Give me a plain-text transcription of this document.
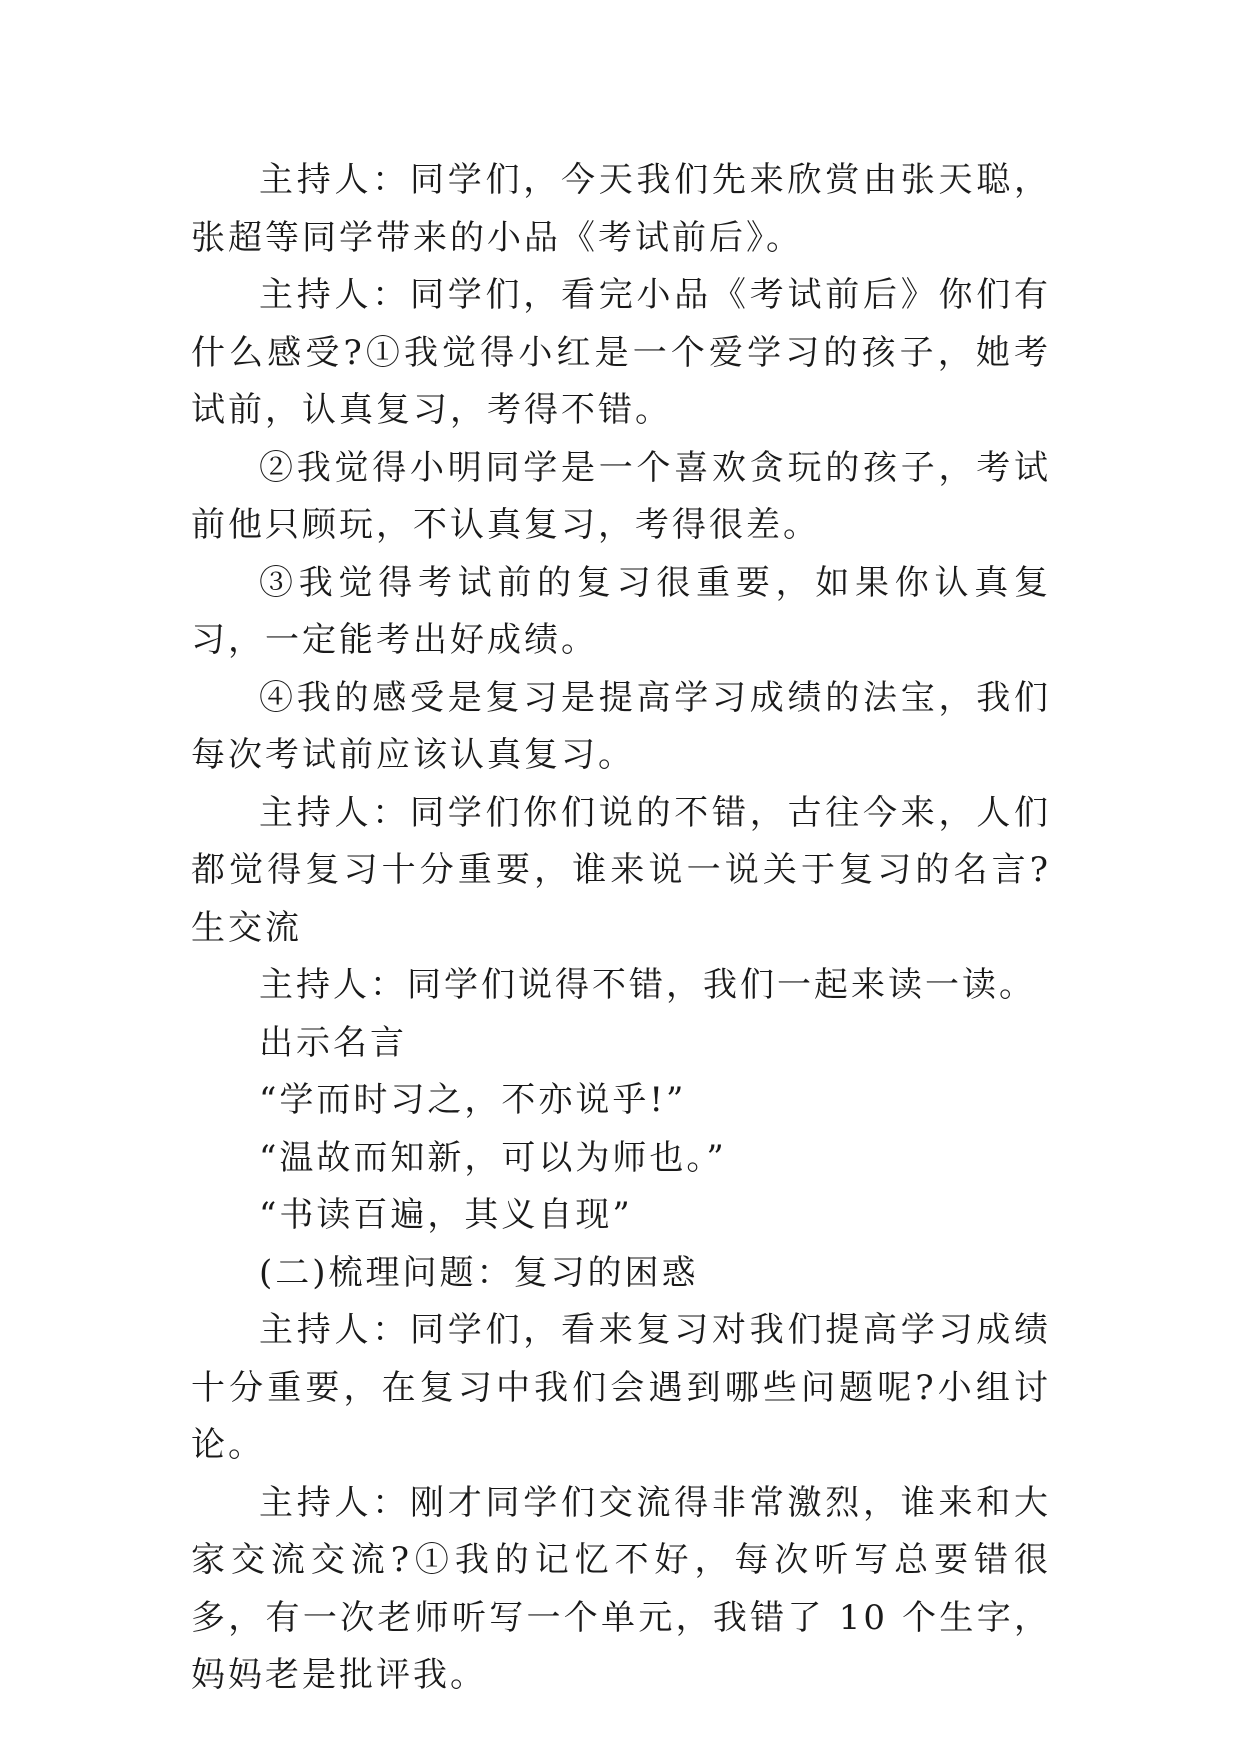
主持人：同学们，今天我们先来欣赏由张天聪，张超等同学带来的小品《考试前后》。

主持人：同学们，看完小品《考试前后》你们有什么感受?①我觉得小红是一个爱学习的孩子，她考试前，认真复习，考得不错。

②我觉得小明同学是一个喜欢贪玩的孩子，考试前他只顾玩，不认真复习，考得很差。

③我觉得考试前的复习很重要，如果你认真复习，一定能考出好成绩。

④我的感受是复习是提高学习成绩的法宝，我们每次考试前应该认真复习。

主持人：同学们你们说的不错，古往今来，人们都觉得复习十分重要，谁来说一说关于复习的名言?生交流

主持人：同学们说得不错，我们一起来读一读。

出示名言

“学而时习之，不亦说乎!”

“温故而知新，可以为师也。”

“书读百遍，其义自现”

(二)梳理问题：复习的困惑

主持人：同学们，看来复习对我们提高学习成绩十分重要，在复习中我们会遇到哪些问题呢?小组讨论。

主持人：刚才同学们交流得非常激烈，谁来和大家交流交流?①我的记忆不好，每次听写总要错很多，有一次老师听写一个单元，我错了 10 个生字，妈妈老是批评我。
